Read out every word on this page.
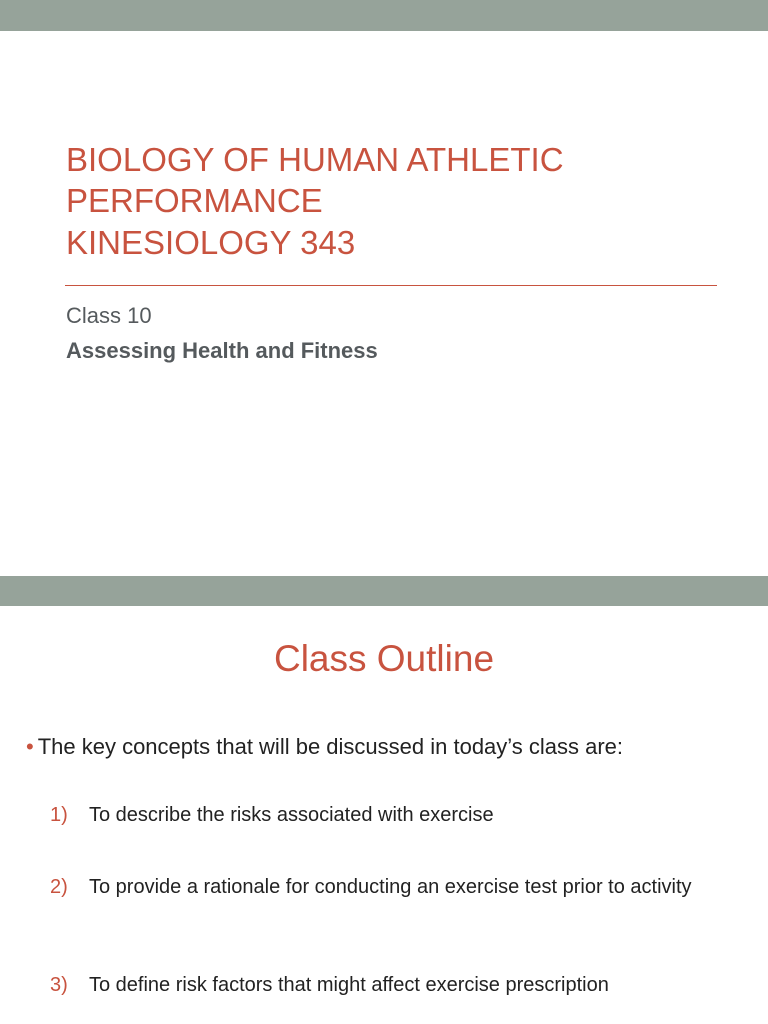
BIOLOGY OF HUMAN ATHLETIC
PERFORMANCE
KINESIOLOGY 343
Class 10
Assessing Health and Fitness
Class Outline
• The key concepts that will be discussed in today’s class are:
1)	To describe the risks associated with exercise
2)	To provide a rationale for conducting an exercise test prior to activity
3)	To define risk factors that might affect exercise prescription
